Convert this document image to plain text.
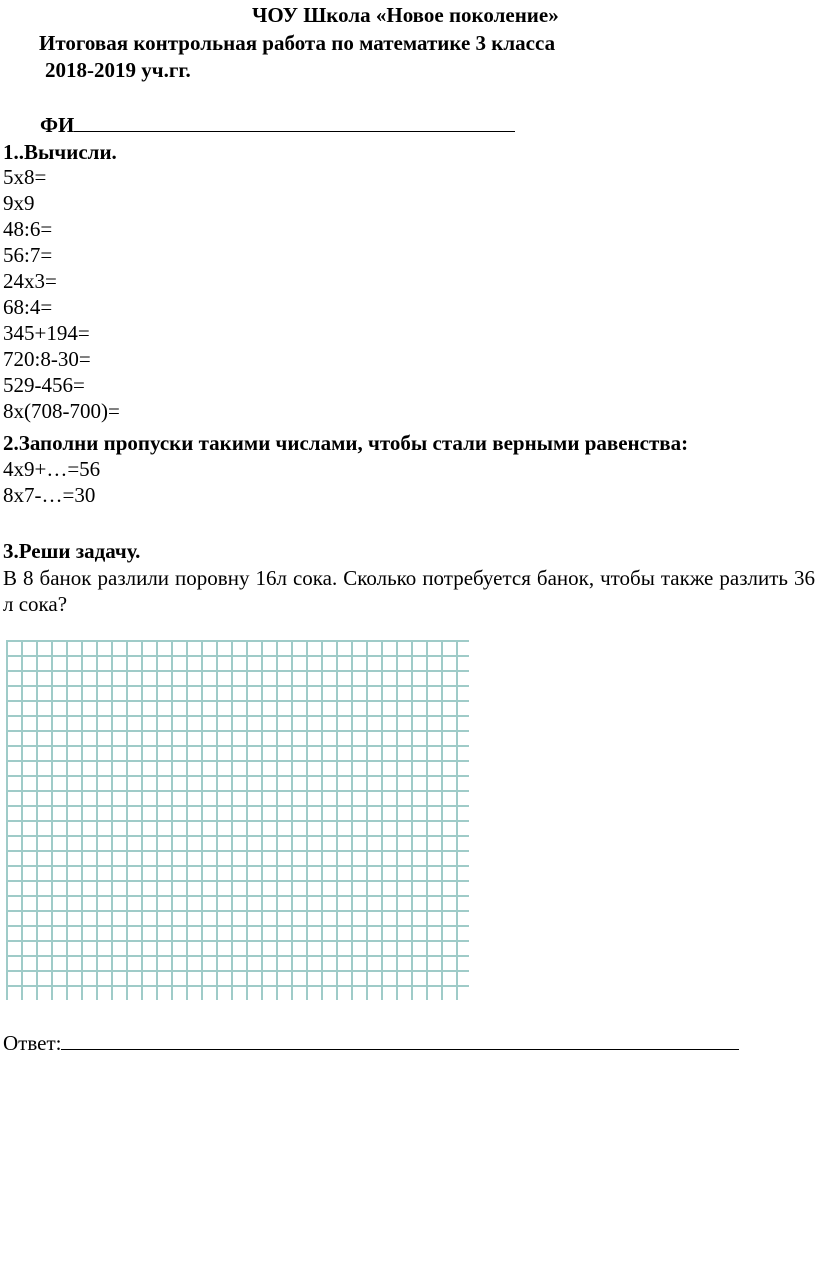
ЧОУ Школа «Новое поколение»
Итоговая контрольная работа по математике 3 класса
2018-2019 уч.гг.
ФИ
1..Вычисли.
5х8=
9х9
48:6=
56:7=
24х3=
68:4=
345+194=
720:8-30=
529-456=
8х(708-700)=
2.Заполни пропуски такими числами, чтобы стали верными равенства:
4х9+…=56
8х7-…=30
3.Реши задачу.
В 8 банок разлили поровну 16л сока. Сколько потребуется банок, чтобы также разлить 36 л сока?
Ответ:
